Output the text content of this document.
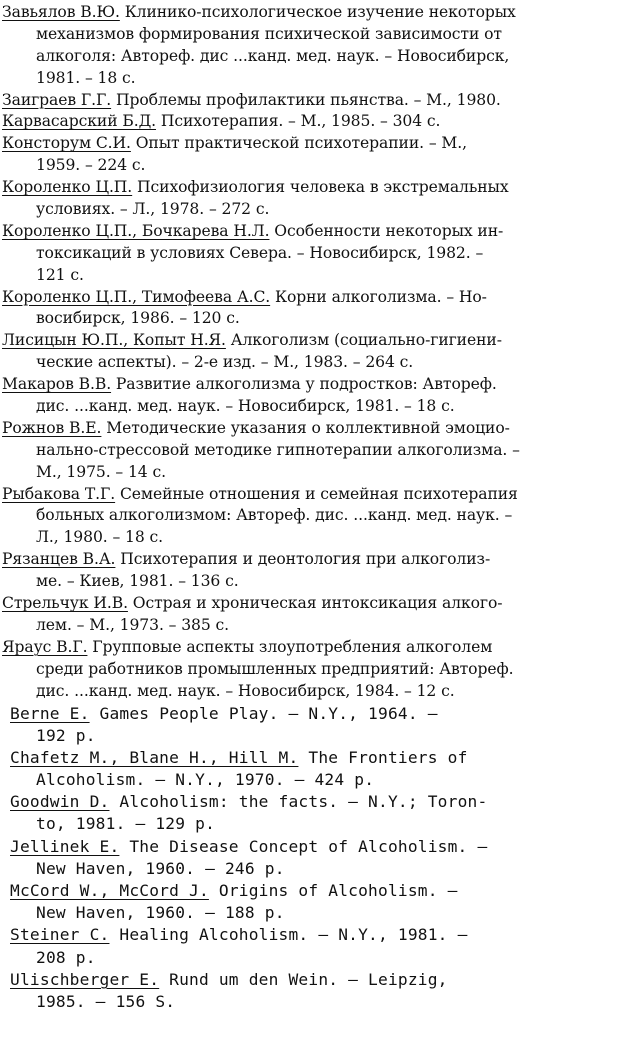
Завьялов В.Ю. Клинико-психологическое изучение некоторых
механизмов формирования психической зависимости от
алкоголя: Автореф. дис ...канд. мед. наук. – Новосибирск,
1981. – 18 с.
Заиграев Г.Г. Проблемы профилактики пьянства. – М., 1980.
Карвасарский Б.Д. Психотерапия. – М., 1985. – 304 с.
Консторум С.И. Опыт практической психотерапии. – М.,
1959. – 224 с.
Короленко Ц.П. Психофизиология человека в экстремальных
условиях. – Л., 1978. – 272 с.
Короленко Ц.П., Бочкарева Н.Л. Особенности некоторых ин-
токсикаций в условиях Севера. – Новосибирск, 1982. –
121 с.
Короленко Ц.П., Тимофеева А.С. Корни алкоголизма. – Но-
восибирск, 1986. – 120 с.
Лисицын Ю.П., Копыт Н.Я. Алкоголизм (социально-гигиени-
ческие аспекты). – 2-е изд. – М., 1983. – 264 с.
Макаров В.В. Развитие алкоголизма у подростков: Автореф.
дис. ...канд. мед. наук. – Новосибирск, 1981. – 18 с.
Рожнов В.Е. Методические указания о коллективной эмоцио-
нально-стрессовой методике гипнотерапии алкоголизма. –
М., 1975. – 14 с.
Рыбакова Т.Г. Семейные отношения и семейная психотерапия
больных алкоголизмом: Автореф. дис. ...канд. мед. наук. –
Л., 1980. – 18 с.
Рязанцев В.А. Психотерапия и деонтология при алкоголиз-
ме. – Киев, 1981. – 136 с.
Стрельчук И.В. Острая и хроническая интоксикация алкого-
лем. – М., 1973. – 385 с.
Яраус В.Г. Групповые аспекты злоупотребления алкоголем
среди работников промышленных предприятий: Автореф.
дис. ...канд. мед. наук. – Новосибирск, 1984. – 12 с.
Berne E. Games People Play. – N.Y., 1964. –
192 p.
Chafetz M., Blane H., Hill M. The Frontiers of
Alcoholism. – N.Y., 1970. – 424 p.
Goodwin D. Alcoholism: the facts. – N.Y.; Toron-
to, 1981. – 129 p.
Jellinek E. The Disease Concept of Alcoholism. –
New Haven, 1960. – 246 p.
McCord W., McCord J. Origins of Alcoholism. –
New Haven, 1960. – 188 p.
Steiner C. Healing Alcoholism. – N.Y., 1981. –
208 p.
Ulischberger E. Rund um den Wein. – Leipzig,
1985. – 156 S.
